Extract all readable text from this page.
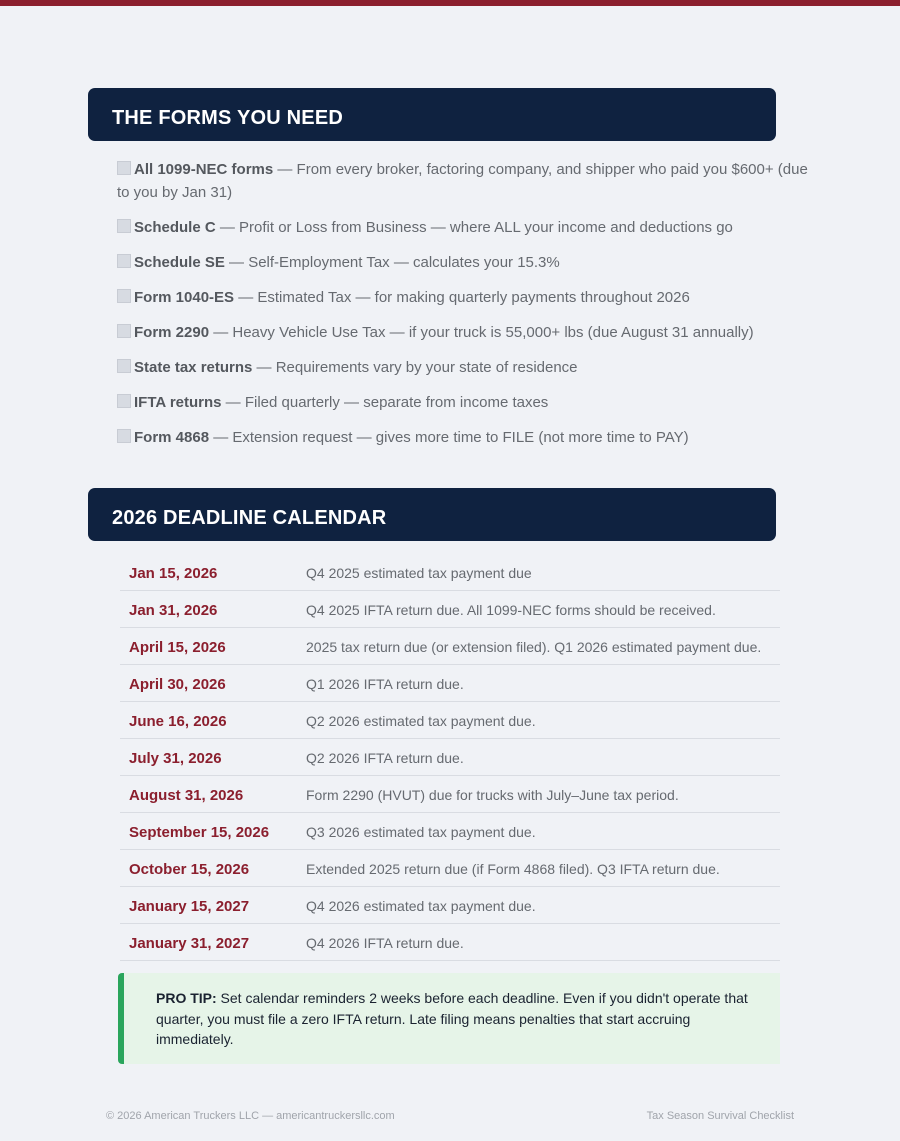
THE FORMS YOU NEED
All 1099-NEC forms — From every broker, factoring company, and shipper who paid you $600+ (due to you by Jan 31)
Schedule C — Profit or Loss from Business — where ALL your income and deductions go
Schedule SE — Self-Employment Tax — calculates your 15.3%
Form 1040-ES — Estimated Tax — for making quarterly payments throughout 2026
Form 2290 — Heavy Vehicle Use Tax — if your truck is 55,000+ lbs (due August 31 annually)
State tax returns — Requirements vary by your state of residence
IFTA returns — Filed quarterly — separate from income taxes
Form 4868 — Extension request — gives more time to FILE (not more time to PAY)
2026 DEADLINE CALENDAR
Jan 15, 2026	Q4 2025 estimated tax payment due
Jan 31, 2026	Q4 2025 IFTA return due. All 1099-NEC forms should be received.
April 15, 2026	2025 tax return due (or extension filed). Q1 2026 estimated payment due.
April 30, 2026	Q1 2026 IFTA return due.
June 16, 2026	Q2 2026 estimated tax payment due.
July 31, 2026	Q2 2026 IFTA return due.
August 31, 2026	Form 2290 (HVUT) due for trucks with July–June tax period.
September 15, 2026	Q3 2026 estimated tax payment due.
October 15, 2026	Extended 2025 return due (if Form 4868 filed). Q3 IFTA return due.
January 15, 2027	Q4 2026 estimated tax payment due.
January 31, 2027	Q4 2026 IFTA return due.
PRO TIP: Set calendar reminders 2 weeks before each deadline. Even if you didn't operate that quarter, you must file a zero IFTA return. Late filing means penalties that start accruing immediately.
© 2026 American Truckers LLC — americantruckersllc.com	Tax Season Survival Checklist
